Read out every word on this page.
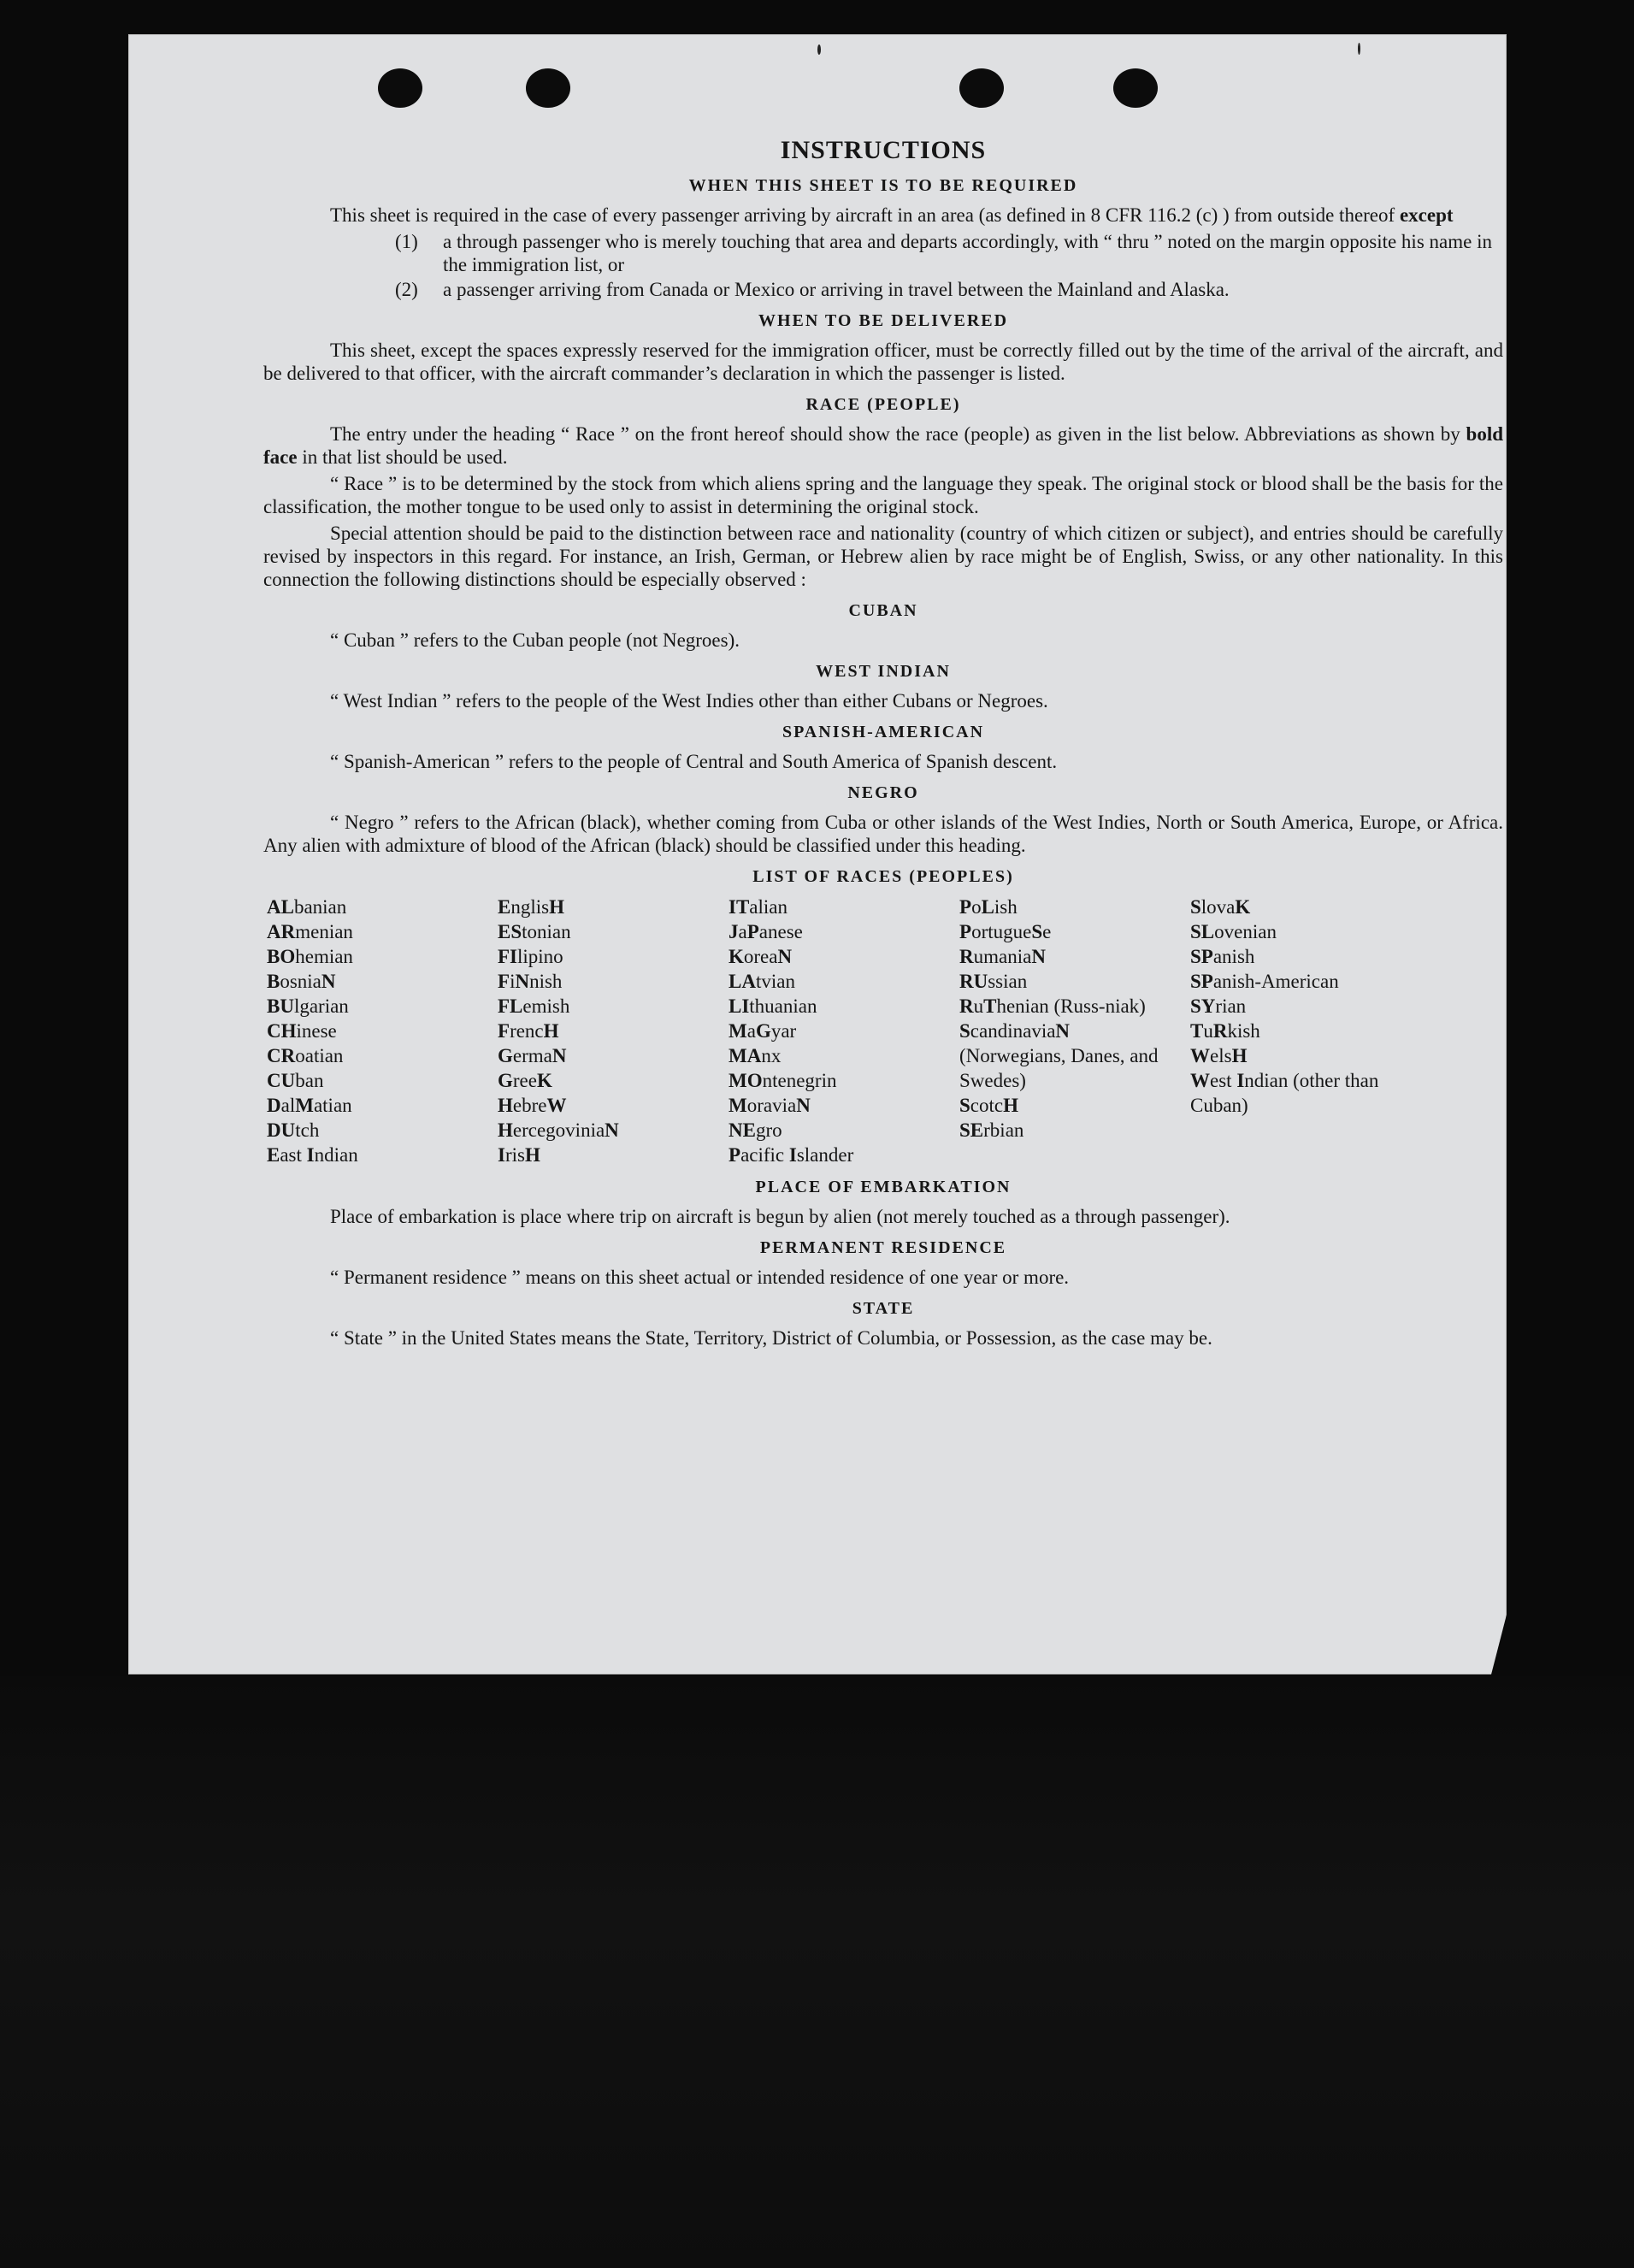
INSTRUCTIONS
WHEN THIS SHEET IS TO BE REQUIRED

This sheet is required in the case of every passenger arriving by aircraft in an area (as defined in 8 CFR 116.2 (c) ) from outside thereof except

(1) a through passenger who is merely touching that area and departs accordingly, with “ thru ” noted on the margin opposite his name in the immigration list, or
(2) a passenger arriving from Canada or Mexico or arriving in travel between the Mainland and Alaska.
WHEN TO BE DELIVERED

This sheet, except the spaces expressly reserved for the immigration officer, must be correctly filled out by the time of the arrival of the aircraft, and be delivered to that officer, with the aircraft commander’s declaration in which the passenger is listed.

RACE (PEOPLE)

The entry under the heading “ Race ” on the front hereof should show the race (people) as given in the list below. Abbreviations as shown by bold face in that list should be used.

“ Race ” is to be determined by the stock from which aliens spring and the language they speak. The original stock or blood shall be the basis for the classification, the mother tongue to be used only to assist in determining the original stock.

Special attention should be paid to the distinction between race and nationality (country of which citizen or subject), and entries should be carefully revised by inspectors in this regard. For instance, an Irish, German, or Hebrew alien by race might be of English, Swiss, or any other nationality. In this connection the following distinctions should be especially observed :

CUBAN

“ Cuban ” refers to the Cuban people (not Negroes).

WEST INDIAN

“ West Indian ” refers to the people of the West Indies other than either Cubans or Negroes.

SPANISH-AMERICAN

“ Spanish-American ” refers to the people of Central and South America of Spanish descent.

NEGRO

“ Negro ” refers to the African (black), whether coming from Cuba or other islands of the West Indies, North or South America, Europe, or Africa. Any alien with admixture of blood of the African (black) should be classified under this heading.

LIST OF RACES (PEOPLES)
ALbanian
ARmenian
BOhemian
BosniaN
BUlgarian
CHinese
CRoatian
CUban
DalMatian
DUtch
East Indian
EnglisH
EStonian
FIlipino
FiNnish
FLemish
FrencH
GermaN
GreeK
HebreW
HercegoviniaN
IrisH
ITalian
JaPanese
KoreaN
LAtvian
LIthuanian
MaGyar
MAnx
MOntenegrin
MoraviaN
NEgro
Pacific Islander
PoLish
PortugueSe
RumaniaN
RUssian
RuThenian (Russ-niak)
ScandinaviaN (Norwegians, Danes, and Swedes)
ScotcH
SErbian
SlovaK
SLovenian
SPanish
SPanish-American
SYrian
TuRkish
WelsH
West Indian (other than Cuban)
PLACE OF EMBARKATION

Place of embarkation is place where trip on aircraft is begun by alien (not merely touched as a through passenger).

PERMANENT RESIDENCE

“ Permanent residence ” means on this sheet actual or intended residence of one year or more.

STATE

“ State ” in the United States means the State, Territory, District of Columbia, or Possession, as the case may be.
